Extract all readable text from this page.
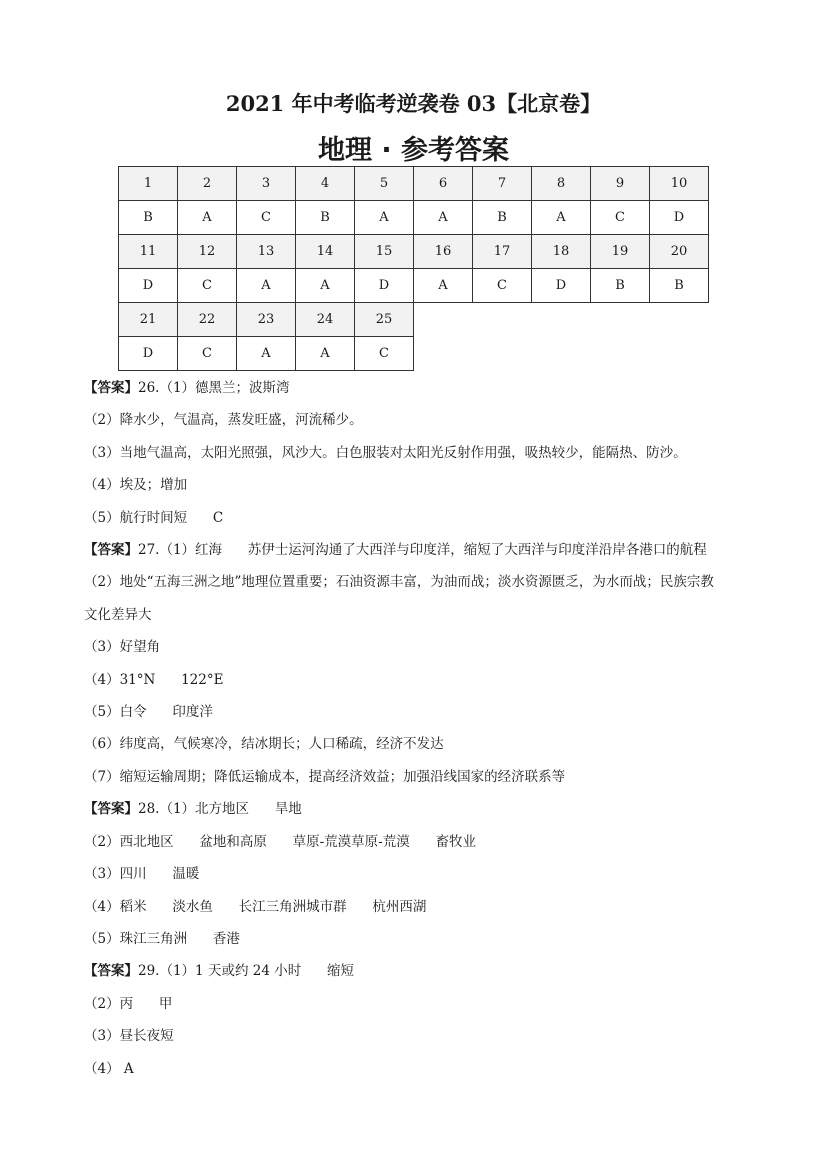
2021 年中考临考逆袭卷 03【北京卷】
地理 · 参考答案
1	2	3	4	5	6	7	8	9	10
B	A	C	B	A	A	B	A	C	D
11	12	13	14	15	16	17	18	19	20
D	C	A	A	D	A	C	D	B	B
21	22	23	24	25					
D	C	A	A	C					
【答案】26.（1）德黑兰；波斯湾
（2）降水少，气温高，蒸发旺盛，河流稀少。
（3）当地气温高，太阳光照强，风沙大。白色服装对太阳光反射作用强，吸热较少，能隔热、防沙。
（4）埃及；增加
（5）航行时间短      C
【答案】27.（1）红海      苏伊士运河沟通了大西洋与印度洋，缩短了大西洋与印度洋沿岸各港口的航程
（2）地处“五海三洲之地”地理位置重要；石油资源丰富，为油而战；淡水资源匮乏，为水而战；民族宗教
文化差异大
（3）好望角
（4）31°N      122°E
（5）白令      印度洋
（6）纬度高，气候寒冷，结冰期长；人口稀疏，经济不发达
（7）缩短运输周期；降低运输成本，提高经济效益；加强沿线国家的经济联系等
【答案】28.（1）北方地区      旱地
（2）西北地区      盆地和高原      草原-荒漠草原-荒漠      畜牧业
（3）四川      温暖
（4）稻米      淡水鱼      长江三角洲城市群      杭州西湖
（5）珠江三角洲      香港
【答案】29.（1）1 天或约 24 小时      缩短
（2）丙      甲
（3）昼长夜短
（4） A
